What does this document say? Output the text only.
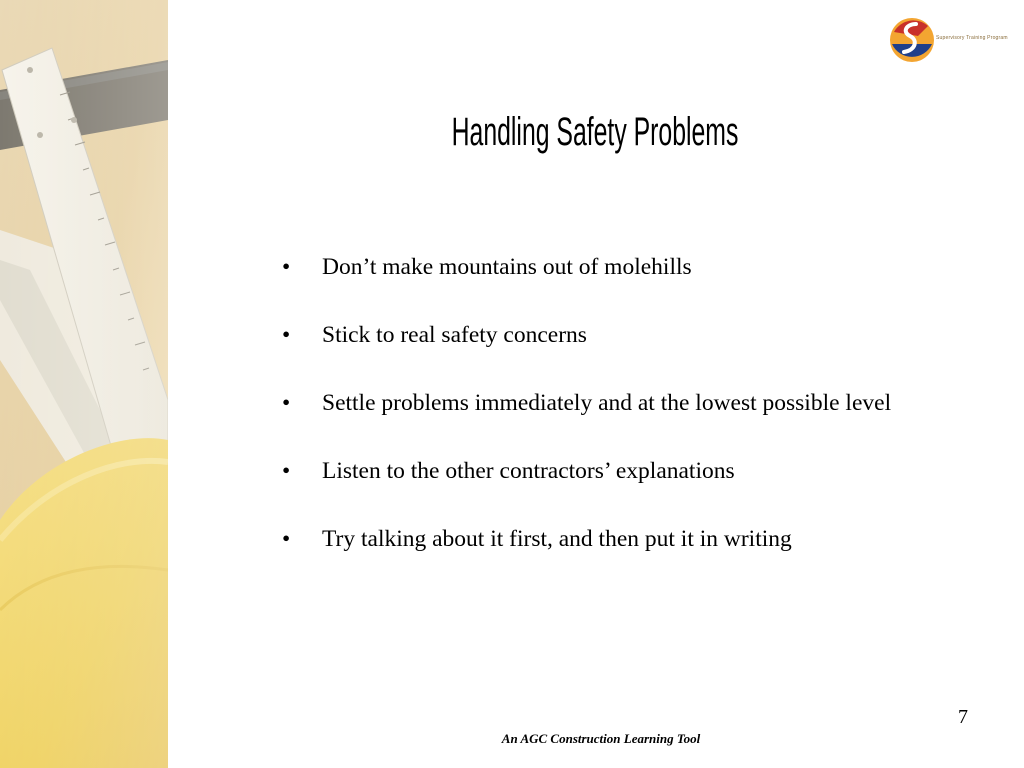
Supervisory Training Program
Handling Safety Problems
•	Don’t make mountains out of molehills
•	Stick to real safety concerns
•	Settle problems immediately and at the lowest possible level
•	Listen to the other contractors’ explanations
•	Try talking about it first, and then put it in writing
7
An AGC Construction Learning Tool
